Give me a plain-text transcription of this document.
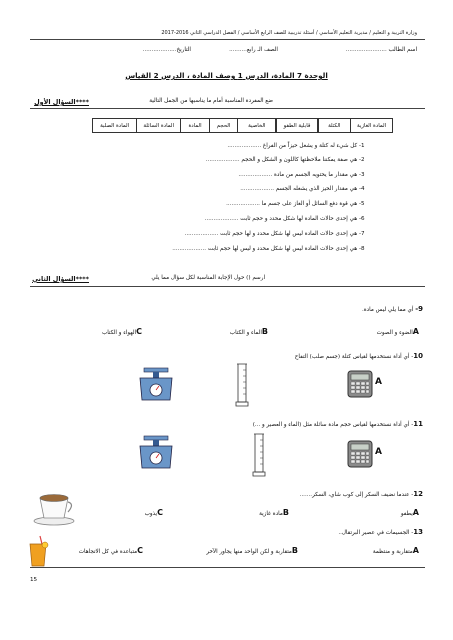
وزارة التربية و التعليم / مديرية التعليم الأساسي / أسئلة تدريبية للصف الرابع الأساسي / الفصل الدراسي الثاني 2016-2017
اسم الطالب .......................
الصف الـ رابع..........
التاريخ...................
الوحدة 7 المادة، الدرس 1 وصف المادة ، الدرس 2 القياس
****السؤال الأول	ضع المفردة المناسبة أمام ما يناسبها من الجمل التالية
المادة الغازية
الكتلة
قابلية الطفو
الخاصية
الحجم
المادة
المادة السائلة
المادة الصلبة
1- كل شيء له كتلة و يشغل حيزاً من الفراغ ...................
2- هي صفة يمكننا ملاحظتها كاللون و الشكل و الحجم ...................
3- هي مقدار ما يحتويه الجسم من مادة ...................
4- هي مقدار الحيز الذي يشغله الجسم ...................
5- هي قوة دفع السائل أو الغاز على جسم ما ...................
6- هي إحدى حالات المادة لها شكل محدد و حجم ثابت ...................
7- هي إحدى حالات المادة ليس لها شكل محدد و لها حجم ثابت ...................
8- هي إحدى حالات المادة ليس لها شكل محدد و ليس لها حجم ثابت ...................
****السؤال الثاني	ارسم () حول الإجابة المناسبة لكل سؤال مما يلي
9- أي مما يلي ليس مادة.
Aالضوء و الصوت
Bالماء و الكتاب
Cالهواء و الكتاب
10- أي أداة نستخدمها لقياس كتلة (جسم صلب) التفاح
A
11- أي أداة نستخدمها لقياس حجم مادة سائلة مثل (الماء و العصير و ...)
A
12- عندما نضيف السكر إلى كوب شاي، السكر.......
Aيطفو
Bمادة غازية
Cيذوب
13- الجسيمات في عصير البرتقال..
Aمتقاربة و منتظمة
Bمتقاربة و لكن الواحد منها يجاور الآخر
Cمتباعدة في كل الاتجاهات
15
